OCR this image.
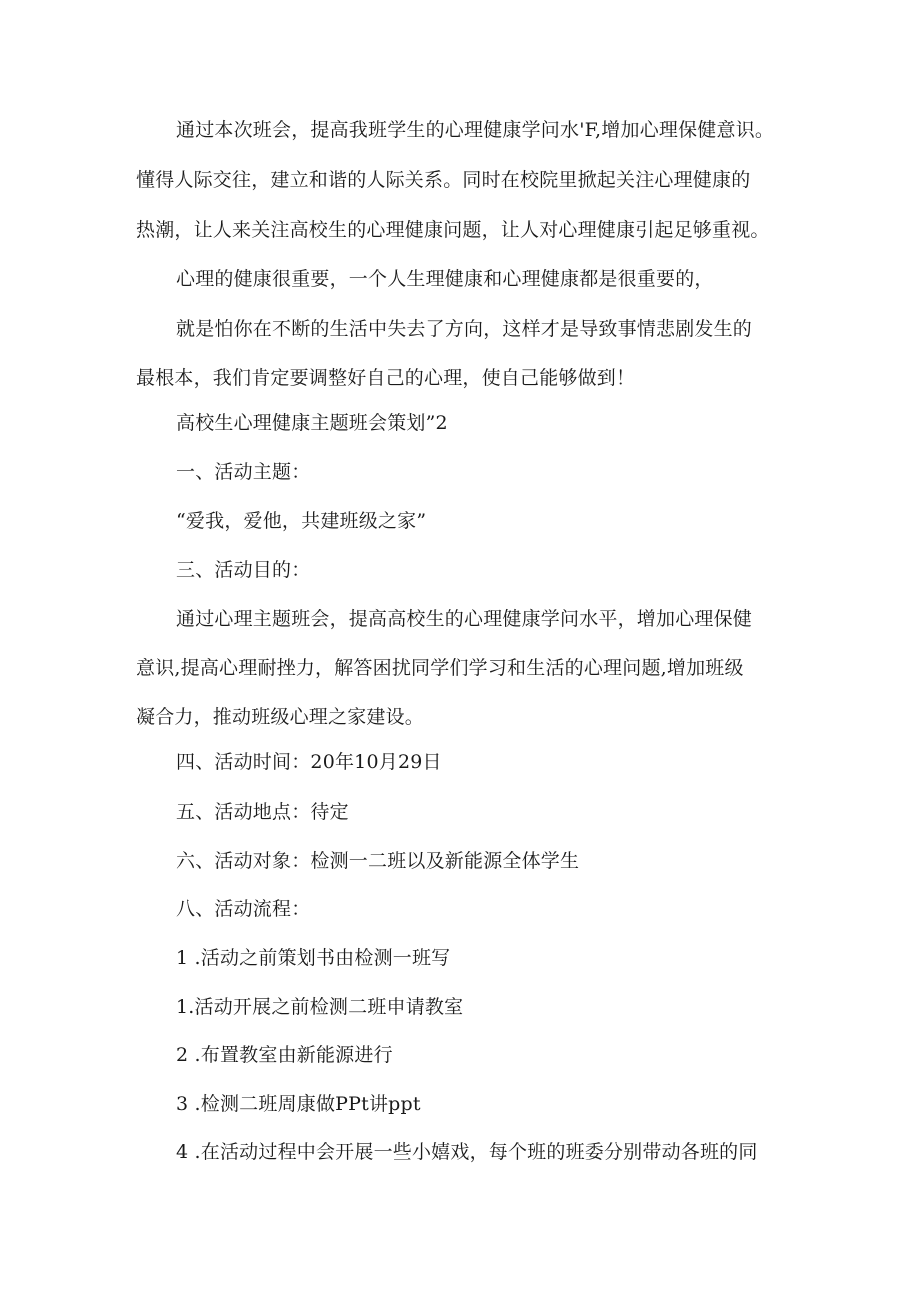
通过本次班会，提高我班学生的心理健康学问水'F,增加心理保健意识。
懂得人际交往，建立和谐的人际关系。同时在校院里掀起关注心理健康的
热潮，让人来关注高校生的心理健康问题，让人对心理健康引起足够重视。
心理的健康很重要，一个人生理健康和心理健康都是很重要的，
就是怕你在不断的生活中失去了方向，这样才是导致事情悲剧发生的
最根本，我们肯定要调整好自己的心理，使自己能够做到！
高校生心理健康主题班会策划”2
一、活动主题：
“爱我，爱他，共建班级之家”
三、活动目的：
通过心理主题班会，提高高校生的心理健康学问水平，增加心理保健
意识,提高心理耐挫力，解答困扰同学们学习和生活的心理问题,增加班级
凝合力，推动班级心理之家建设。
四、活动时间：20年10月29日
五、活动地点：待定
六、活动对象：检测一二班以及新能源全体学生
八、活动流程：
1 .活动之前策划书由检测一班写
1.活动开展之前检测二班申请教室
2 .布置教室由新能源进行
3 .检测二班周康做PPt讲ppt
4 .在活动过程中会开展一些小嬉戏，每个班的班委分别带动各班的同
